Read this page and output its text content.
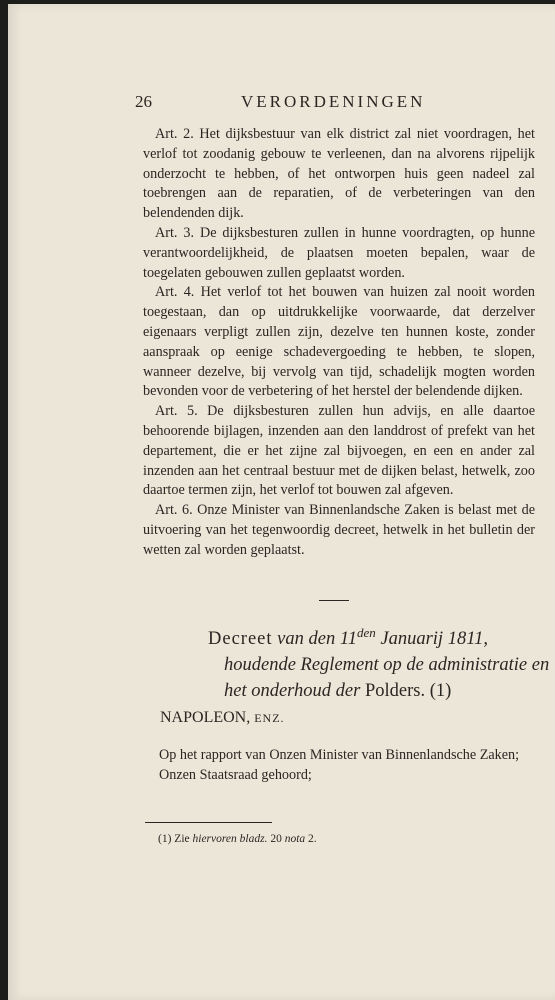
26	VERORDENINGEN

Art. 2. Het dijksbestuur van elk district zal niet voordragen, het verlof tot zoodanig gebouw te verleenen, dan na alvorens rijpelijk onderzocht te hebben, of het ontworpen huis geen nadeel zal toebrengen aan de reparatien, of de verbeteringen van den belendenden dijk.

Art. 3. De dijksbesturen zullen in hunne voordragten, op hunne verantwoordelijkheid, de plaatsen moeten bepalen, waar de toegelaten gebouwen zullen geplaatst worden.

Art. 4. Het verlof tot het bouwen van huizen zal nooit worden toegestaan, dan op uitdrukkelijke voorwaarde, dat derzelver eigenaars verpligt zullen zijn, dezelve ten hunnen koste, zonder aanspraak op eenige schadevergoeding te hebben, te slopen, wanneer dezelve, bij vervolg van tijd, schadelijk mogten worden bevonden voor de verbetering of het herstel der belendende dijken.

Art. 5. De dijksbesturen zullen hun advijs, en alle daartoe behoorende bijlagen, inzenden aan den landdrost of prefekt van het departement, die er het zijne zal bijvoegen, en een en ander zal inzenden aan het centraal bestuur met de dijken belast, hetwelk, zoo daartoe termen zijn, het verlof tot bouwen zal afgeven.

Art. 6. Onze Minister van Binnenlandsche Zaken is belast met de uitvoering van het tegenwoordig decreet, hetwelk in het bulletin der wetten zal worden geplaatst.

Decreet van den $11^{den}$ Januarij 1811, houdende Reglement op de administratie en het onderhoud der Polders. (1)

NAPOLEON, ENZ.

Op het rapport van Onzen Minister van Binnenlandsche Zaken;

Onzen Staatsraad gehoord;

(1) Zie hiervoren bladz. 20 nota 2.
